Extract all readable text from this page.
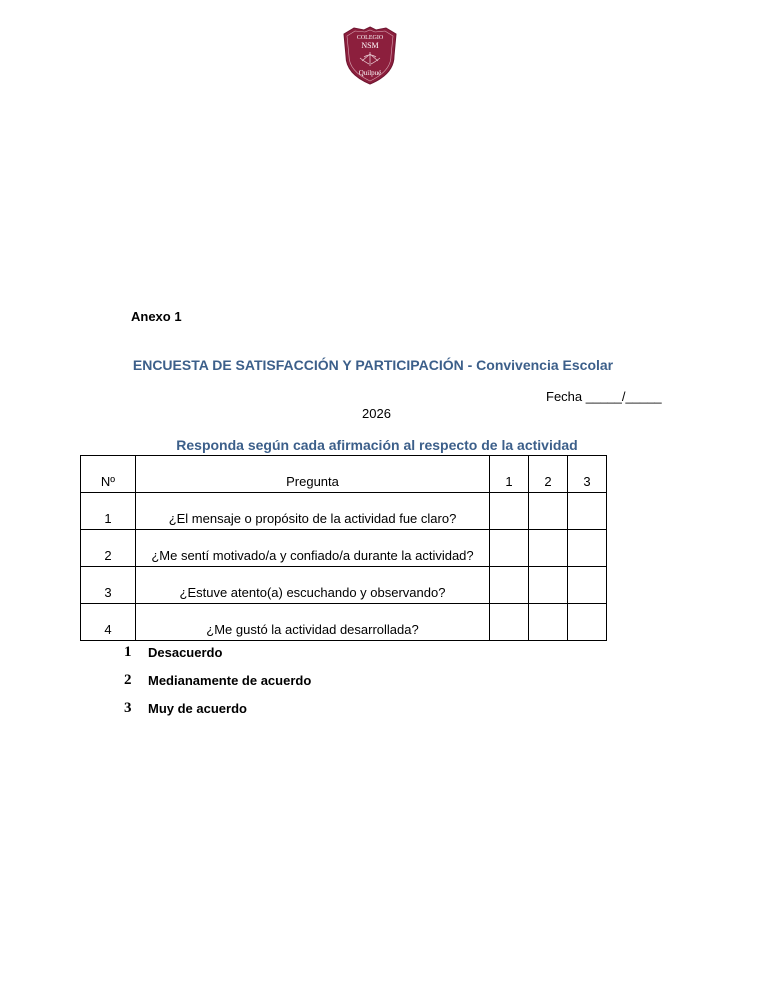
COLEGIO
NSM
Quilpué
Anexo 1
ENCUESTA DE SATISFACCIÓN Y PARTICIPACIÓN - Convivencia Escolar
Fecha _____/_____
2026
Responda según cada afirmación al respecto de la actividad
Nº	Pregunta	1	2	3
1	¿El mensaje o propósito de la actividad fue claro?			
2	¿Me sentí motivado/a y confiado/a durante la actividad?			
3	¿Estuve atento(a) escuchando y observando?			
4	¿Me gustó la actividad desarrollada?			
1	Desacuerdo
2	Medianamente de acuerdo
3	Muy de acuerdo
